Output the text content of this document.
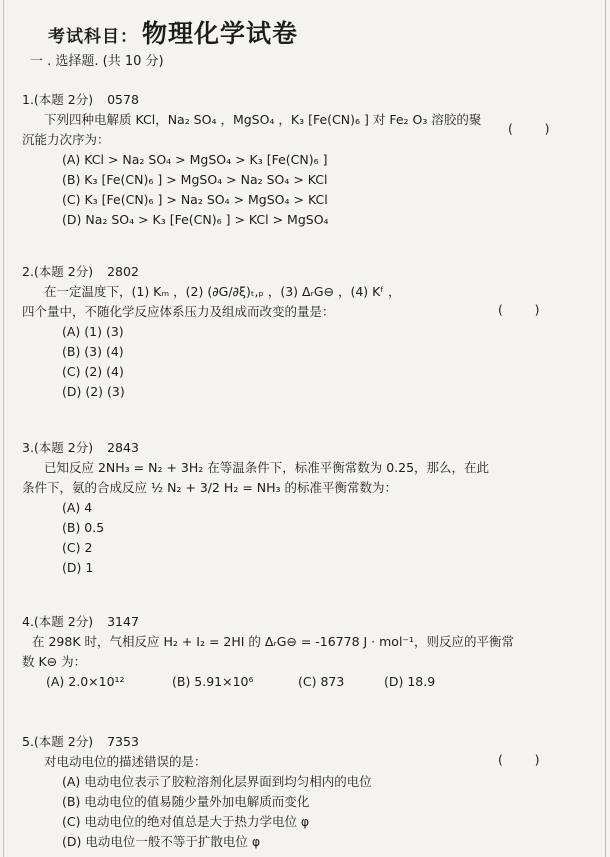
考试科目： 物理化学试卷
一 . 选择题. (共 10 分)
1.(本题 2分) 0578
下列四种电解质 KCl，Na₂ SO₄ ，MgSO₄ ，K₃ [Fe(CN)₆ ] 对 Fe₂ O₃ 溶胶的聚
沉能力次序为：
(A) KCl > Na₂ SO₄ > MgSO₄ > K₃ [Fe(CN)₆ ]
(B) K₃ [Fe(CN)₆ ] > MgSO₄ > Na₂ SO₄ > KCl
(C) K₃ [Fe(CN)₆ ] > Na₂ SO₄ > MgSO₄ > KCl
(D) Na₂ SO₄ > K₃ [Fe(CN)₆ ] > KCl > MgSO₄
(        )
2.(本题 2分) 2802
在一定温度下，(1) Kₘ ，(2) (∂G/∂ξ)ₜ,ₚ ，(3) ΔᵣG⊖ ，(4) Kᶠ ，
四个量中，不随化学反应体系压力及组成而改变的量是：
(A) (1) (3)
(B) (3) (4)
(C) (2) (4)
(D) (2) (3)
(        )
3.(本题 2分) 2843
已知反应 2NH₃ = N₂ + 3H₂ 在等温条件下，标准平衡常数为 0.25，那么，在此
条件下，氨的合成反应 ½ N₂ + 3/2 H₂ = NH₃ 的标准平衡常数为：
(A) 4
(B) 0.5
(C) 2
(D) 1
4.(本题 2分) 3147
在 298K 时，气相反应 H₂ + I₂ = 2HI 的 ΔᵣG⊖ = -16778 J · mol⁻¹，则反应的平衡常
数 K⊖ 为：
(A) 2.0×10¹²	(B) 5.91×10⁶	(C) 873	(D) 18.9
5.(本题 2分) 7353
对电动电位的描述错误的是：
(A) 电动电位表示了胶粒溶剂化层界面到均匀相内的电位
(B) 电动电位的值易随少量外加电解质而变化
(C) 电动电位的绝对值总是大于热力学电位 φ
(D) 电动电位一般不等于扩散电位 φ
(        )
